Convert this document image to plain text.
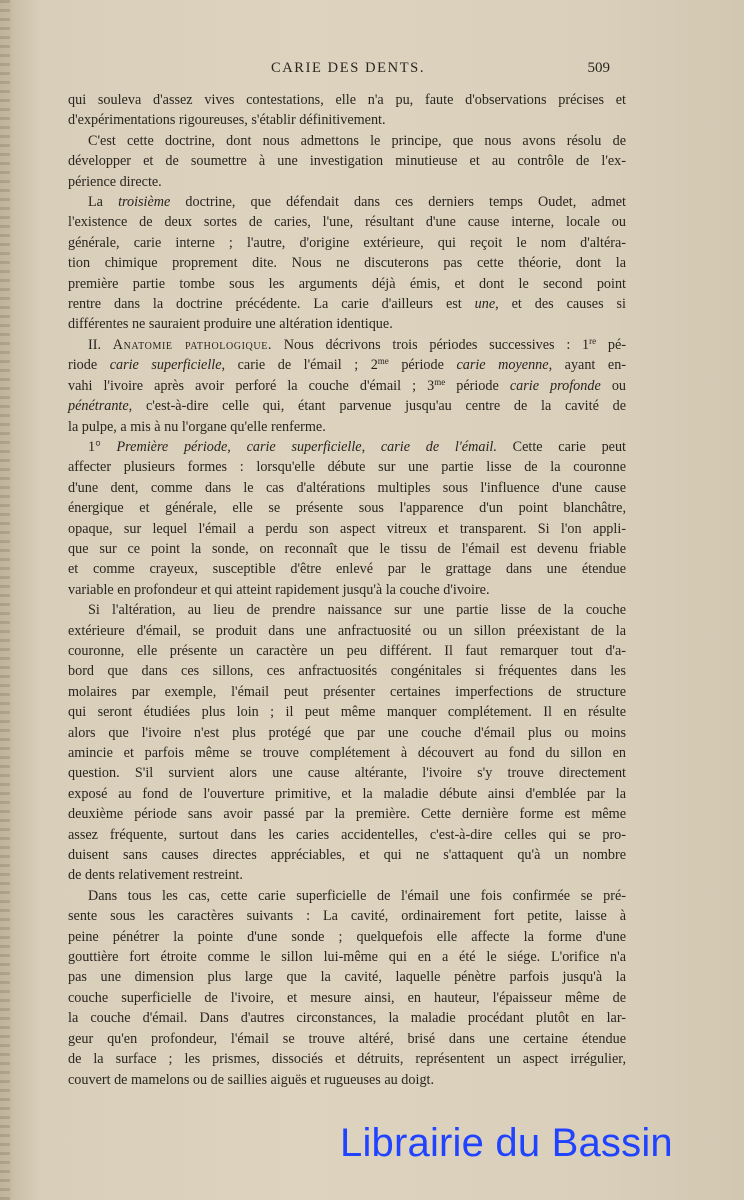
CARIE DES DENTS.	509
qui souleva d'assez vives contestations, elle n'a pu, faute d'observations précises et
d'expérimentations rigoureuses, s'établir définitivement.
C'est cette doctrine, dont nous admettons le principe, que nous avons résolu de
développer et de soumettre à une investigation minutieuse et au contrôle de l'ex-
périence directe.
La troisième doctrine, que défendait dans ces derniers temps Oudet, admet
l'existence de deux sortes de caries, l'une, résultant d'une cause interne, locale ou
générale, carie interne ; l'autre, d'origine extérieure, qui reçoit le nom d'altéra-
tion chimique proprement dite. Nous ne discuterons pas cette théorie, dont la
première partie tombe sous les arguments déjà émis, et dont le second point
rentre dans la doctrine précédente. La carie d'ailleurs est une, et des causes si
différentes ne sauraient produire une altération identique.
II. Anatomie pathologique. Nous décrivons trois périodes successives : 1re pé-
riode carie superficielle, carie de l'émail ; $2^{me}$ période carie moyenne, ayant en-
vahi l'ivoire après avoir perforé la couche d'émail ; $3^{me}$ période carie profonde ou
pénétrante, c'est-à-dire celle qui, étant parvenue jusqu'au centre de la cavité de
la pulpe, a mis à nu l'organe qu'elle renferme.
1° Première période, carie superficielle, carie de l'émail. Cette carie peut
affecter plusieurs formes : lorsqu'elle débute sur une partie lisse de la couronne
d'une dent, comme dans le cas d'altérations multiples sous l'influence d'une cause
énergique et générale, elle se présente sous l'apparence d'un point blanchâtre,
opaque, sur lequel l'émail a perdu son aspect vitreux et transparent. Si l'on appli-
que sur ce point la sonde, on reconnaît que le tissu de l'émail est devenu friable
et comme crayeux, susceptible d'être enlevé par le grattage dans une étendue
variable en profondeur et qui atteint rapidement jusqu'à la couche d'ivoire.
Si l'altération, au lieu de prendre naissance sur une partie lisse de la couche
extérieure d'émail, se produit dans une anfractuosité ou un sillon préexistant de la
couronne, elle présente un caractère un peu différent. Il faut remarquer tout d'a-
bord que dans ces sillons, ces anfractuosités congénitales si fréquentes dans les
molaires par exemple, l'émail peut présenter certaines imperfections de structure
qui seront étudiées plus loin ; il peut même manquer complétement. Il en résulte
alors que l'ivoire n'est plus protégé que par une couche d'émail plus ou moins
amincie et parfois même se trouve complétement à découvert au fond du sillon en
question. S'il survient alors une cause altérante, l'ivoire s'y trouve directement
exposé au fond de l'ouverture primitive, et la maladie débute ainsi d'emblée par la
deuxième période sans avoir passé par la première. Cette dernière forme est même
assez fréquente, surtout dans les caries accidentelles, c'est-à-dire celles qui se pro-
duisent sans causes directes appréciables, et qui ne s'attaquent qu'à un nombre
de dents relativement restreint.
Dans tous les cas, cette carie superficielle de l'émail une fois confirmée se pré-
sente sous les caractères suivants : La cavité, ordinairement fort petite, laisse à
peine pénétrer la pointe d'une sonde ; quelquefois elle affecte la forme d'une
gouttière fort étroite comme le sillon lui-même qui en a été le siége. L'orifice n'a
pas une dimension plus large que la cavité, laquelle pénètre parfois jusqu'à la
couche superficielle de l'ivoire, et mesure ainsi, en hauteur, l'épaisseur même de
la couche d'émail. Dans d'autres circonstances, la maladie procédant plutôt en lar-
geur qu'en profondeur, l'émail se trouve altéré, brisé dans une certaine étendue
de la surface ; les prismes, dissociés et détruits, représentent un aspect irrégulier,
couvert de mamelons ou de saillies aiguës et rugueuses au doigt.
Librairie du Bassin
